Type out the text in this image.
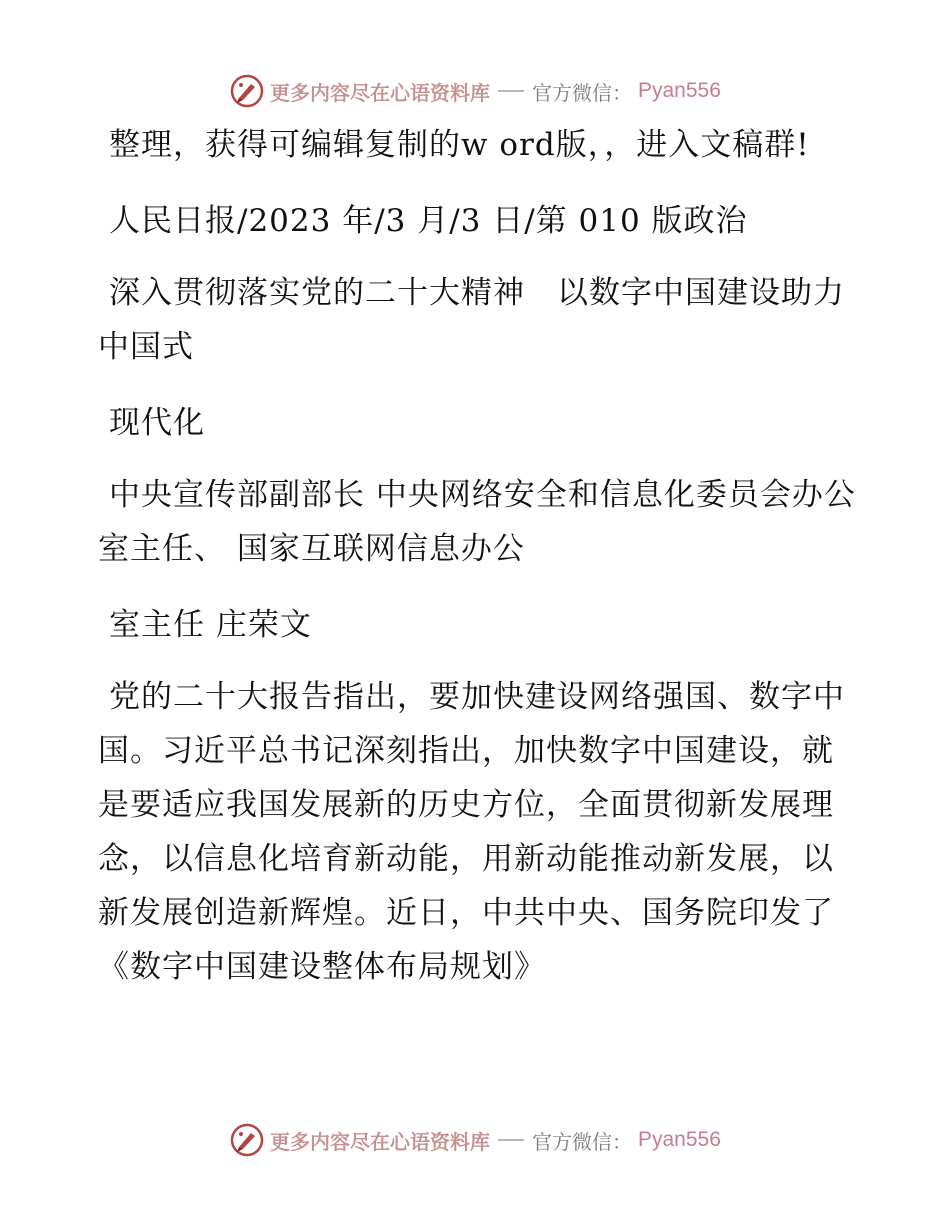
更多内容尽在心语资料库 官方微信： Pyan556

整理，获得可编辑复制的w ord版，，进入文稿群!

人民日报/2023 年/3 月/3 日/第 010 版政治

深入贯彻落实党的二十大精神　以数字中国建设助力中国式

现代化

中央宣传部副部长 中央网络安全和信息化委员会办公室主任、 国家互联网信息办公

室主任 庄荣文

党的二十大报告指出，要加快建设网络强国、数字中国。习近平总书记深刻指出，加快数字中国建设，就是要适应我国发展新的历史方位，全面贯彻新发展理念，以信息化培育新动能，用新动能推动新发展，以新发展创造新辉煌。近日，中共中央、国务院印发了《数字中国建设整体布局规划》

更多内容尽在心语资料库 官方微信： Pyan556
